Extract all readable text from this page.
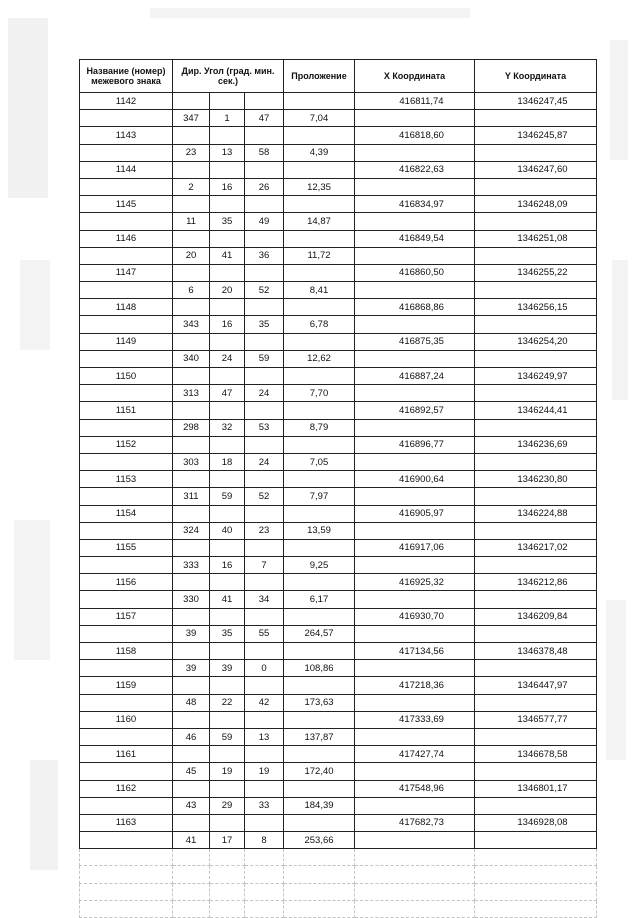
Название (номер) межевого знака	Дир. Угол (град. мин. сек.)			Проложение	X Координата	Y Координата
1142					416811,74	1346247,45
	347	1	47	7,04		
1143					416818,60	1346245,87
	23	13	58	4,39		
1144					416822,63	1346247,60
	2	16	26	12,35		
1145					416834,97	1346248,09
	11	35	49	14,87		
1146					416849,54	1346251,08
	20	41	36	11,72		
1147					416860,50	1346255,22
	6	20	52	8,41		
1148					416868,86	1346256,15
	343	16	35	6,78		
1149					416875,35	1346254,20
	340	24	59	12,62		
1150					416887,24	1346249,97
	313	47	24	7,70		
1151					416892,57	1346244,41
	298	32	53	8,79		
1152					416896,77	1346236,69
	303	18	24	7,05		
1153					416900,64	1346230,80
	311	59	52	7,97		
1154					416905,97	1346224,88
	324	40	23	13,59		
1155					416917,06	1346217,02
	333	16	7	9,25		
1156					416925,32	1346212,86
	330	41	34	6,17		
1157					416930,70	1346209,84
	39	35	55	264,57		
1158					417134,56	1346378,48
	39	39	0	108,86		
1159					417218,36	1346447,97
	48	22	42	173,63		
1160					417333,69	1346577,77
	46	59	13	137,87		
1161					417427,74	1346678,58
	45	19	19	172,40		
1162					417548,96	1346801,17
	43	29	33	184,39		
1163					417682,73	1346928,08
	41	17	8	253,66		
